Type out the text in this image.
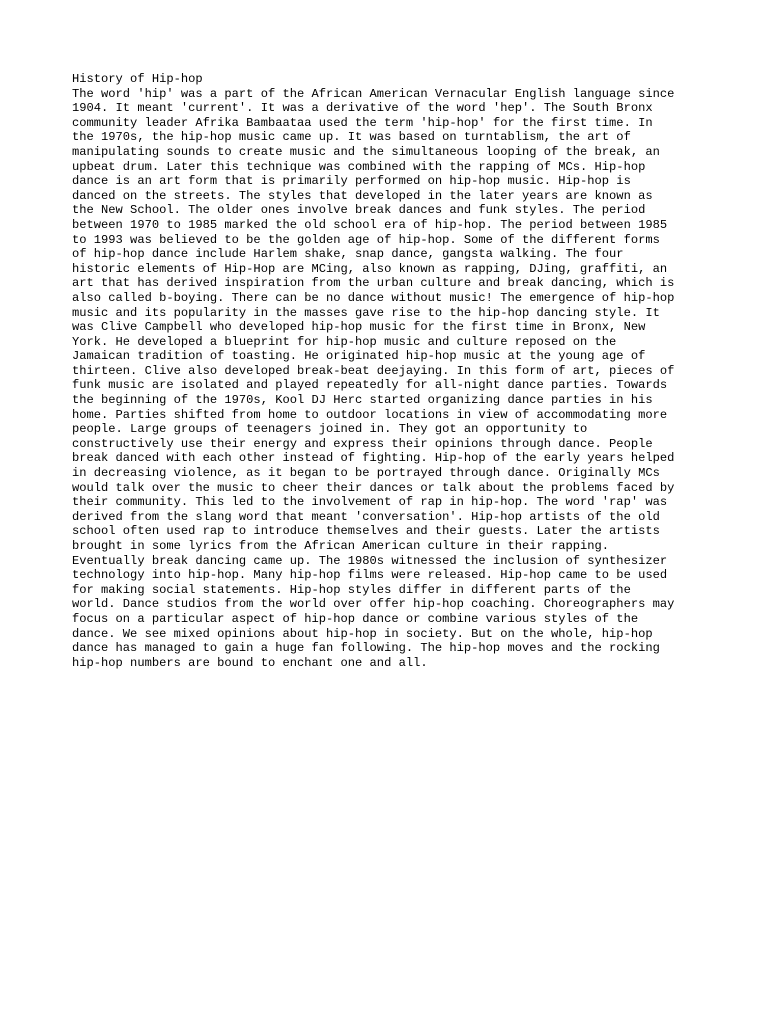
History of Hip-hop
The word 'hip' was a part of the African American Vernacular English language since
1904. It meant 'current'. It was a derivative of the word 'hep'. The South Bronx
community leader Afrika Bambaataa used the term 'hip-hop' for the first time. In
the 1970s, the hip-hop music came up. It was based on turntablism, the art of
manipulating sounds to create music and the simultaneous looping of the break, an
upbeat drum. Later this technique was combined with the rapping of MCs. Hip-hop
dance is an art form that is primarily performed on hip-hop music. Hip-hop is
danced on the streets. The styles that developed in the later years are known as
the New School. The older ones involve break dances and funk styles. The period
between 1970 to 1985 marked the old school era of hip-hop. The period between 1985
to 1993 was believed to be the golden age of hip-hop. Some of the different forms
of hip-hop dance include Harlem shake, snap dance, gangsta walking. The four
historic elements of Hip-Hop are MCing, also known as rapping, DJing, graffiti, an
art that has derived inspiration from the urban culture and break dancing, which is
also called b-boying. There can be no dance without music! The emergence of hip-hop
music and its popularity in the masses gave rise to the hip-hop dancing style. It
was Clive Campbell who developed hip-hop music for the first time in Bronx, New
York. He developed a blueprint for hip-hop music and culture reposed on the
Jamaican tradition of toasting. He originated hip-hop music at the young age of
thirteen. Clive also developed break-beat deejaying. In this form of art, pieces of
funk music are isolated and played repeatedly for all-night dance parties. Towards
the beginning of the 1970s, Kool DJ Herc started organizing dance parties in his
home. Parties shifted from home to outdoor locations in view of accommodating more
people. Large groups of teenagers joined in. They got an opportunity to
constructively use their energy and express their opinions through dance. People
break danced with each other instead of fighting. Hip-hop of the early years helped
in decreasing violence, as it began to be portrayed through dance. Originally MCs
would talk over the music to cheer their dances or talk about the problems faced by
their community. This led to the involvement of rap in hip-hop. The word 'rap' was
derived from the slang word that meant 'conversation'. Hip-hop artists of the old
school often used rap to introduce themselves and their guests. Later the artists
brought in some lyrics from the African American culture in their rapping.
Eventually break dancing came up. The 1980s witnessed the inclusion of synthesizer
technology into hip-hop. Many hip-hop films were released. Hip-hop came to be used
for making social statements. Hip-hop styles differ in different parts of the
world. Dance studios from the world over offer hip-hop coaching. Choreographers may
focus on a particular aspect of hip-hop dance or combine various styles of the
dance. We see mixed opinions about hip-hop in society. But on the whole, hip-hop
dance has managed to gain a huge fan following. The hip-hop moves and the rocking
hip-hop numbers are bound to enchant one and all.
